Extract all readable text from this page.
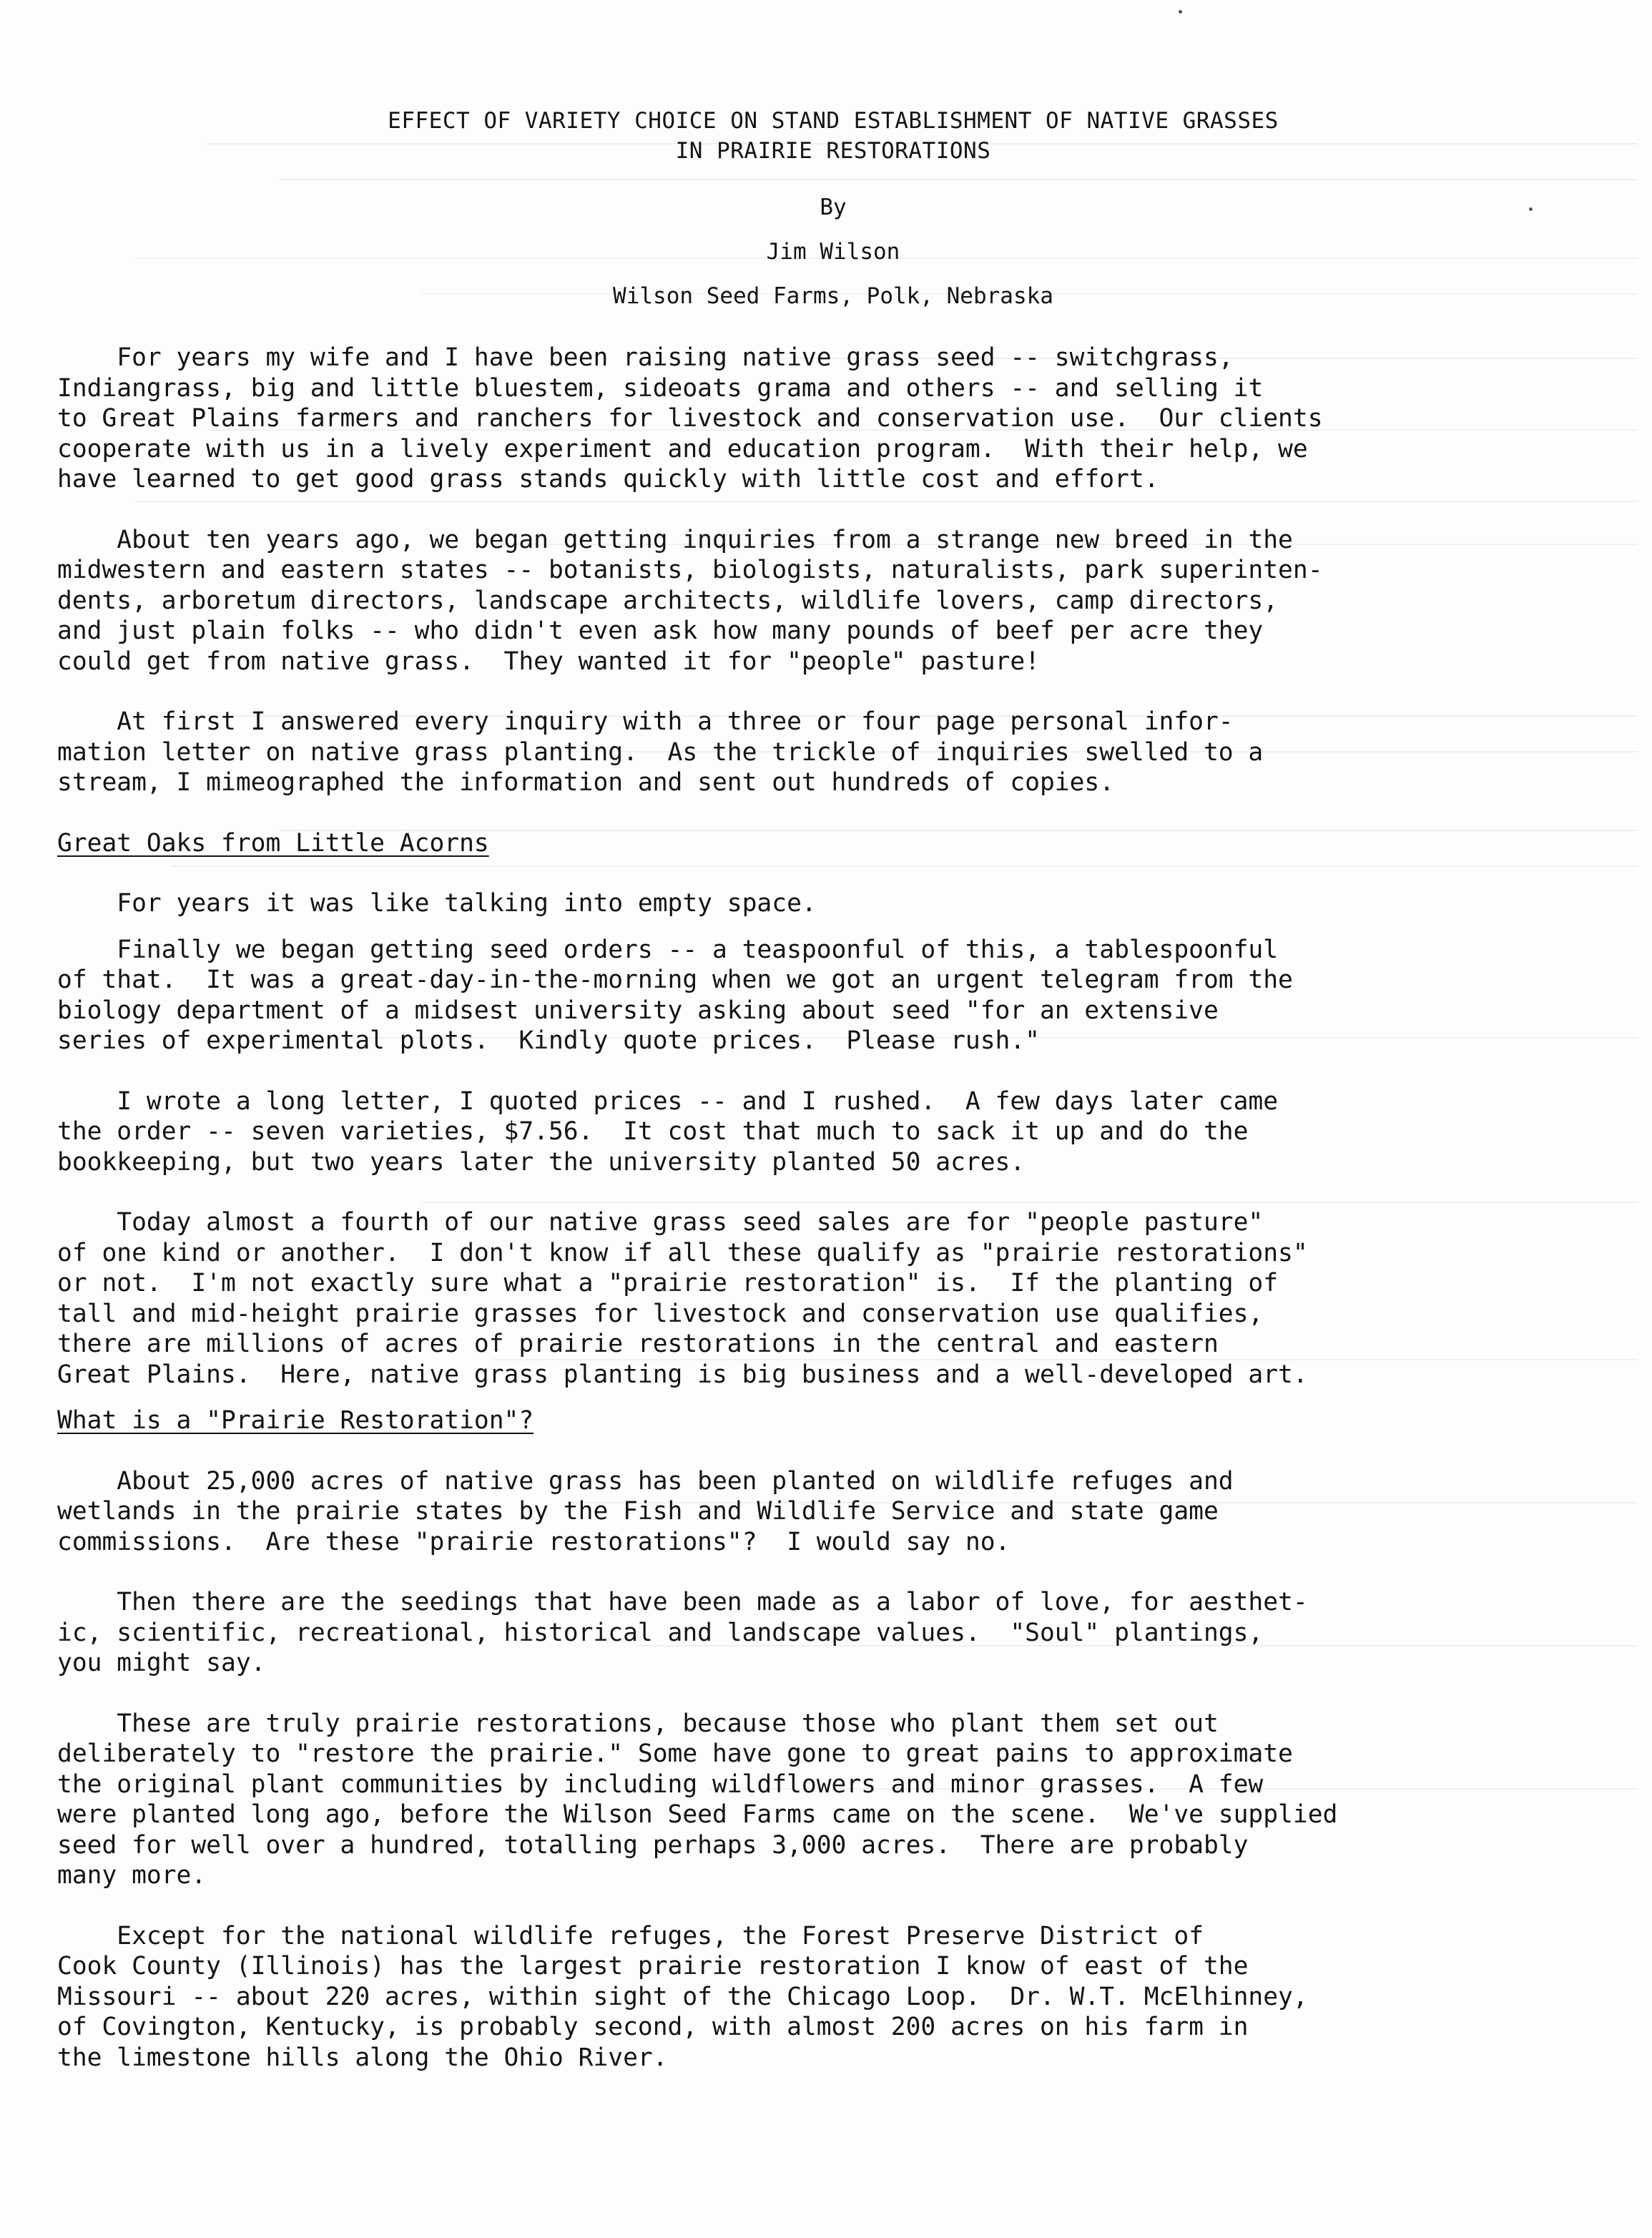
EFFECT OF VARIETY CHOICE ON STAND ESTABLISHMENT OF NATIVE GRASSES
IN PRAIRIE RESTORATIONS
By
Jim Wilson
Wilson Seed Farms, Polk, Nebraska
For years my wife and I have been raising native grass seed -- switchgrass,
Indiangrass, big and little bluestem, sideoats grama and others -- and selling it
to Great Plains farmers and ranchers for livestock and conservation use.  Our clients
cooperate with us in a lively experiment and education program.  With their help, we
have learned to get good grass stands quickly with little cost and effort.
About ten years ago, we began getting inquiries from a strange new breed in the
midwestern and eastern states -- botanists, biologists, naturalists, park superinten-
dents, arboretum directors, landscape architects, wildlife lovers, camp directors,
and just plain folks -- who didn't even ask how many pounds of beef per acre they
could get from native grass.  They wanted it for "people" pasture!
At first I answered every inquiry with a three or four page personal infor-
mation letter on native grass planting.  As the trickle of inquiries swelled to a
stream, I mimeographed the information and sent out hundreds of copies.
Great Oaks from Little Acorns
For years it was like talking into empty space.
Finally we began getting seed orders -- a teaspoonful of this, a tablespoonful
of that.  It was a great-day-in-the-morning when we got an urgent telegram from the
biology department of a midsest university asking about seed "for an extensive
series of experimental plots.  Kindly quote prices.  Please rush."
I wrote a long letter, I quoted prices -- and I rushed.  A few days later came
the order -- seven varieties, $7.56.  It cost that much to sack it up and do the
bookkeeping, but two years later the university planted 50 acres.
Today almost a fourth of our native grass seed sales are for "people pasture"
of one kind or another.  I don't know if all these qualify as "prairie restorations"
or not.  I'm not exactly sure what a "prairie restoration" is.  If the planting of
tall and mid-height prairie grasses for livestock and conservation use qualifies,
there are millions of acres of prairie restorations in the central and eastern
Great Plains.  Here, native grass planting is big business and a well-developed art.
What is a "Prairie Restoration"?
About 25,000 acres of native grass has been planted on wildlife refuges and
wetlands in the prairie states by the Fish and Wildlife Service and state game
commissions.  Are these "prairie restorations"?  I would say no.
Then there are the seedings that have been made as a labor of love, for aesthet-
ic, scientific, recreational, historical and landscape values.  "Soul" plantings,
you might say.
These are truly prairie restorations, because those who plant them set out
deliberately to "restore the prairie." Some have gone to great pains to approximate
the original plant communities by including wildflowers and minor grasses.  A few
were planted long ago, before the Wilson Seed Farms came on the scene.  We've supplied
seed for well over a hundred, totalling perhaps 3,000 acres.  There are probably
many more.
Except for the national wildlife refuges, the Forest Preserve District of
Cook County (Illinois) has the largest prairie restoration I know of east of the
Missouri -- about 220 acres, within sight of the Chicago Loop.  Dr. W.T. McElhinney,
of Covington, Kentucky, is probably second, with almost 200 acres on his farm in
the limestone hills along the Ohio River.
